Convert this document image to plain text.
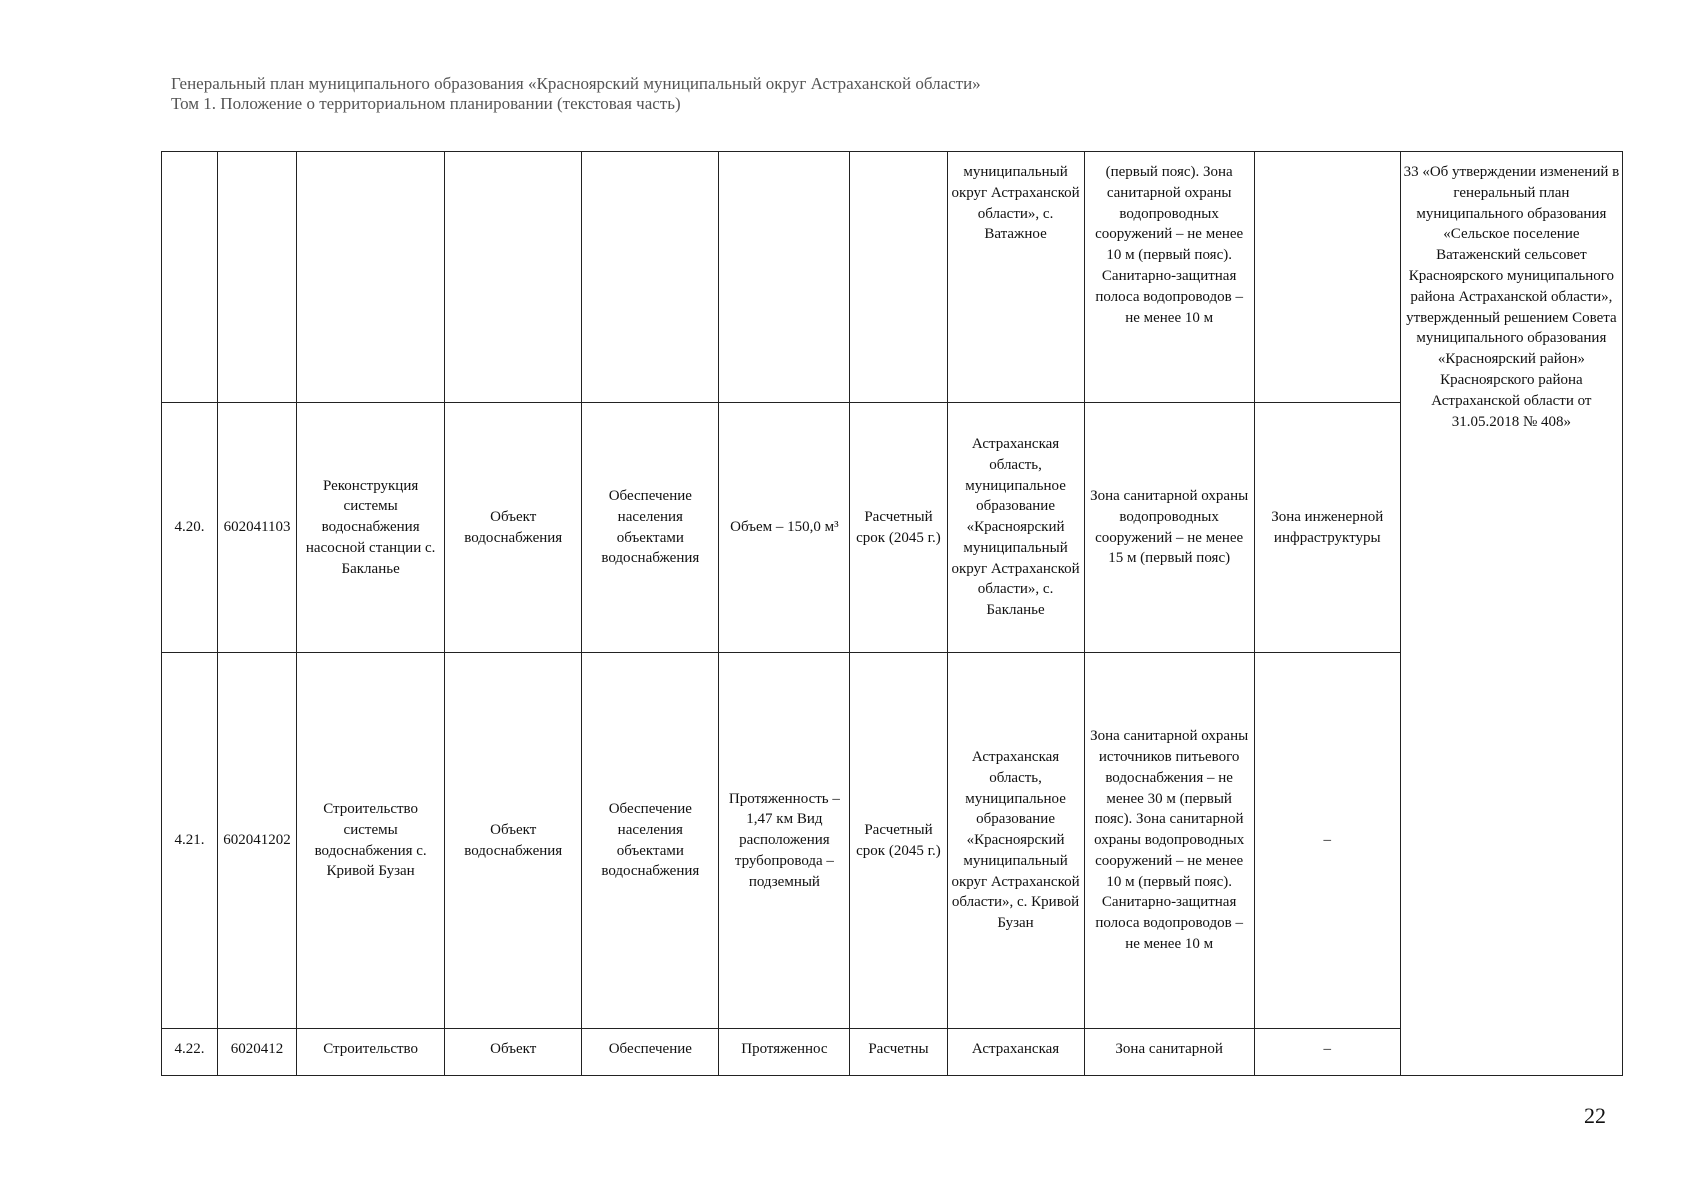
Генеральный план муниципального образования «Красноярский муниципальный округ Астраханской области»
Том 1. Положение о территориальном планировании (текстовая часть)
							муниципальный округ Астраханской области», с. Ватажное	(первый пояс). Зона санитарной охраны водопроводных сооружений – не менее 10 м (первый пояс). Санитарно-защитная полоса водопроводов – не менее 10 м		33 «Об утверждении изменений в генеральный план муниципального образования «Сельское поселение Ватаженский сельсовет Красноярского муниципального района Астраханской области», утвержденный решением Совета муниципального образования «Красноярский район» Красноярского района Астраханской области от 31.05.2018 № 408»
4.20.	602041103	Реконструкция системы водоснабжения насосной станции с. Бакланье	Объект водоснабжения	Обеспечение населения объектами водоснабжения	Объем – 150,0 м³	Расчетный срок (2045 г.)	Астраханская область, муниципальное образование «Красноярский муниципальный округ Астраханской области», с. Бакланье	Зона санитарной охраны водопроводных сооружений – не менее 15 м (первый пояс)	Зона инженерной инфраструктуры	
4.21.	602041202	Строительство системы водоснабжения с. Кривой Бузан	Объект водоснабжения	Обеспечение населения объектами водоснабжения	Протяженность – 1,47 км Вид расположения трубопровода – подземный	Расчетный срок (2045 г.)	Астраханская область, муниципальное образование «Красноярский муниципальный округ Астраханской области», с. Кривой Бузан	Зона санитарной охраны источников питьевого водоснабжения – не менее 30 м (первый пояс). Зона санитарной охраны водопроводных сооружений – не менее 10 м (первый пояс). Санитарно-защитная полоса водопроводов – не менее 10 м	–	
4.22.	6020412	Строительство	Объект	Обеспечение	Протяженнос	Расчетны	Астраханская	Зона санитарной	–	
22
